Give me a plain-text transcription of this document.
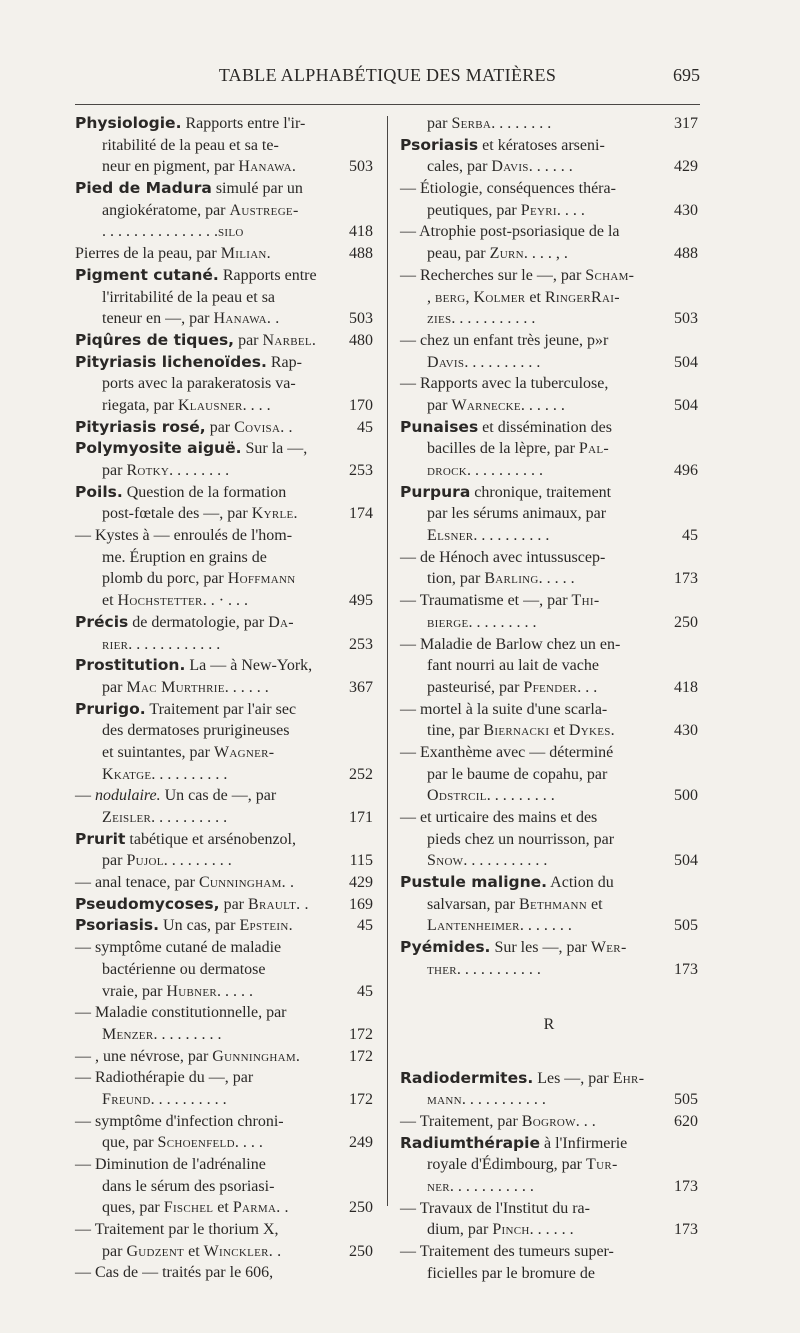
TABLE ALPHABÉTIQUE DES MATIÈRES	695
Physiologie. Rapports entre l'ir-
ritabilité de la peau et sa te-
neur en pigment, par Hanawa.	503
Pied de Madura simulé par un
angiokératome, par Austrege-
. . . . . . . . . . . . . . .silo	418
Pierres de la peau, par Milian.	488
Pigment cutané. Rapports entre
l'irritabilité de la peau et sa
teneur en —, par Hanawa. .	503
Piqûres de tiques, par Narbel. 480
Pityriasis lichenoïdes. Rap-
ports avec la parakeratosis va-
riegata, par Klausner. . . .	170
Pityriasis rosé, par Covisa. .	45
Polymyosite aiguë. Sur la —,
par Rotky. . . . . . . .	253
Poils. Question de la formation
post-fœtale des —, par Kyrle.	174
— Kystes à — enroulés de l'hom-
me. Éruption en grains de
plomb du porc, par Hoffmann
et Hochstetter. . · . . .	495
Précis de dermatologie, par Da-
rier. . . . . . . . . . . .	253
Prostitution. La — à New-York,
par Mac Murthrie. . . . . .	367
Prurigo. Traitement par l'air sec
des dermatoses prurigineuses
et suintantes, par Wagner-
Kkatge. . . . . . . . . .	252
— nodulaire. Un cas de —, par
Zeisler. . . . . . . . . .	171
Prurit tabétique et arsénobenzol,
par Pujol. . . . . . . . .	115
— anal tenace, par Cunningham. .	429
Pseudomycoses, par Brault. .	169
Psoriasis. Un cas, par Epstein.	45
— symptôme cutané de maladie
bactérienne ou dermatose
vraie, par Hubner. . . . .	45
— Maladie constitutionnelle, par
Menzer. . . . . . . . .	172
— , une névrose, par Gunningham.	172
— Radiothérapie du —, par
Freund. . . . . . . . . .	172
— symptôme d'infection chroni-
que, par Schoenfeld. . . .	249
— Diminution de l'adrénaline
dans le sérum des psoriasi-
ques, par Fischel et Parma. .	250
— Traitement par le thorium X,
par Gudzent et Winckler. .	250
— Cas de — traités par le 606,
par Serba. . . . . . . .	317
Psoriasis et kératoses arseni-
cales, par Davis. . . . . .	429
— Étiologie, conséquences théra-
peutiques, par Peyri. . . .	430
— Atrophie post-psoriasique de la
peau, par Zurn. . . . , .	488
— Recherches sur le —, par Scham-
, berg, Kolmer et RingerRai-
zies. . . . . . . . . . .	503
— chez un enfant très jeune, p»r
Davis. . . . . . . . . .	504
— Rapports avec la tuberculose,
par Warnecke. . . . . .	504
Punaises et dissémination des
bacilles de la lèpre, par Pal-
drock. . . . . . . . . .	496
Purpura chronique, traitement
par les sérums animaux, par
Elsner. . . . . . . . . .	45
— de Hénoch avec intussuscep-
tion, par Barling. . . . .	173
— Traumatisme et —, par Thi-
bierge. . . . . . . . .	250
— Maladie de Barlow chez un en-
fant nourri au lait de vache
pasteurisé, par Pfender. . .	418
— mortel à la suite d'une scarla-
tine, par Biernacki et Dykes.	430
— Exanthème avec — déterminé
par le baume de copahu, par
Odstrcil. . . . . . . . .	500
— et urticaire des mains et des
pieds chez un nourrisson, par
Snow. . . . . . . . . . .	504
Pustule maligne. Action du
salvarsan, par Bethmann et
Lantenheimer. . . . . . .	505
Pyémides. Sur les —, par Wer-
ther. . . . . . . . . . .	173
R
Radiodermites. Les —, par Ehr-
mann. . . . . . . . . . .	505
— Traitement, par Bogrow. . .	620
Radiumthérapie à l'Infirmerie
royale d'Édimbourg, par Tur-
ner. . . . . . . . . . .	173
— Travaux de l'Institut du ra-
dium, par Pinch. . . . . .	173
— Traitement des tumeurs super-
ficielles par le bromure de
